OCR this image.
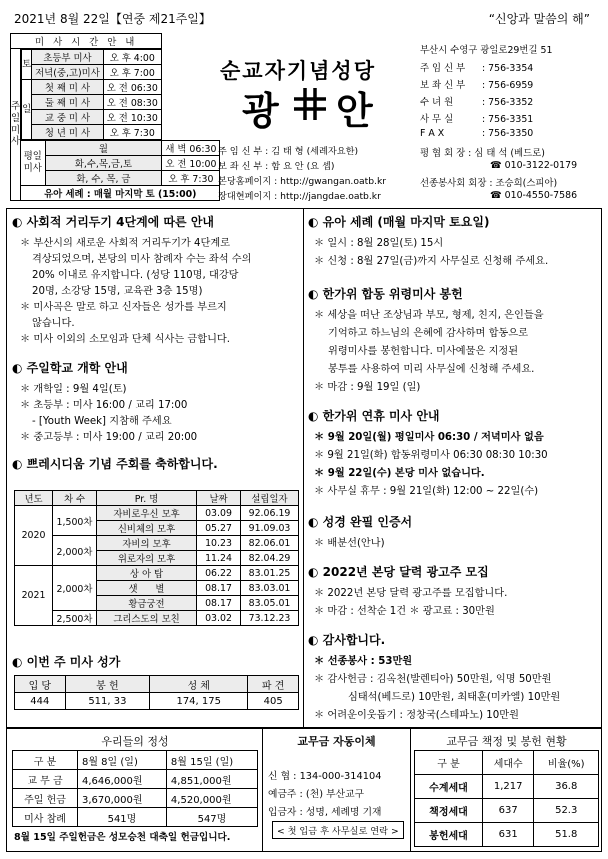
2021년 8월 22일【연중 제21주일】	“신앙과 말씀의 해”
미 사 시 간 안 내
주일미사	
토	초등부 미사	오 후 4:00
저녁(중,고)미사	오 후 7:00
일	첫 째 미 사	오 전 06:30
둘 째 미 사	오 전 08:30
교 중 미 사	오 전 10:30
청 년 미 사	오 후 7:30

평일미사	월	새 벽 06:30
화,수,목,금,토	오 전 10:00
화, 수, 목, 금	오 후 7:30
유아 세례 : 매월 마지막 토 (15:00)
순교자기념성당
광 안
주 임 신 부 : 김 태 형 (세례자요한)
보 좌 신 부 : 함 요 안 (요 셉)
본당홈페이지 : http://gwangan.oatb.kr
장대현페이지 : http://jangdae.oatb.kr
부산시 수영구 광일로29번길 51
주 임 신 부 : 756-3354
보 좌 신 부 : 756-6959
수 녀 원	: 756-3352
사 무 실	: 756-3351
F A X	: 756-3350
평 협 회 장 : 심 태 석 (베드로)
☎ 010-3122-0179
선종봉사회 회장 : 조승희(스피아)
☎ 010-4550-7586
◐ 사회적 거리두기 4단계에 따른 안내
＊ 부산시의 새로운 사회적 거리두기가 4단계로
격상되었으며, 본당의 미사 참례자 수는 좌석 수의
20% 이내로 유지합니다. (성당 110명, 대강당
20명, 소강당 15명, 교육관 3층 15명)
＊ 미사곡은 말로 하고 신자들은 성가를 부르지
않습니다.
＊ 미사 이외의 소모임과 단체 식사는 금합니다.
◐ 주일학교 개학 안내
＊ 개학일 : 9월 4일(토)
＊ 초등부 : 미사 16:00 / 교리 17:00
- [Youth Week] 지참해 주세요
＊ 중고등부 : 미사 19:00 / 교리 20:00
◐ 쁘레시디움 기념 주회를 축하합니다.
◐ 이번 주 미사 성가
년도	차 수	Pr. 명	날짜	설립일자
2020	1,500차	자비로우신 모후	03.09	92.06.19
		신비체의 모후	05.27	91.09.03
	2,000차	자비의 모후	10.23	82.06.01
		위로자의 모후	11.24	82.04.29
2021	2,000차	상 아 탑	06.22	83.01.25
		샛      별	08.17	83.03.01
		황금궁전	08.17	83.05.01
	2,500차	그리스도의 모친	03.02	73.12.23
입 당	봉 헌	성 체	파 견
444	511, 33	174, 175	405
◐ 유아 세례 (매월 마지막 토요일)
＊ 일시 : 8월 28일(토) 15시
＊ 신청 : 8월 27일(금)까지 사무실로 신청해 주세요.
◐ 한가위 합동 위령미사 봉헌
＊ 세상을 떠난 조상님과 부모, 형제, 친지, 은인들을
기억하고 하느님의 은혜에 감사하며 합동으로
위령미사를 봉헌합니다. 미사예물은 지정된
봉투를 사용하여 미리 사무실에 신청해 주세요.
＊ 마감 : 9월 19일 (일)
◐ 한가위 연휴 미사 안내
＊ 9월 20일(월) 평일미사 06:30 / 저녁미사 없음
＊ 9월 21일(화) 합동위령미사 06:30 08:30 10:30
＊ 9월 22일(수) 본당 미사 없습니다.
＊ 사무실 휴무 : 9월 21일(화) 12:00 ~ 22일(수)
◐ 성경 완필 인증서
＊ 배분선(안나)
◐ 2022년 본당 달력 광고주 모집
＊ 2022년 본당 달력 광고주를 모집합니다.
＊ 마감 : 선착순 1건 ＊ 광고료 : 30만원
◐ 감사합니다.
＊ 선종봉사 : 53만원
＊ 감사헌금 : 김옥천(발렌티아) 50만원, 익명 50만원
심태석(베드로) 10만원, 최태훈(미카엘) 10만원
＊ 어려운이웃돕기 : 정창국(스테파노) 10만원
우리들의 정성
구 분	8월 8일 (일)	8월 15일 (일)
교 무 금	4,646,000원	4,851,000원
주일 헌금	3,670,000원	4,520,000원
미사 참례	541명	547명
8월 15일 주일헌금은 성모승천 대축일 헌금입니다.
교무금 자동이체
신 협 : 134-000-314104
예금주 : (천) 부산교구
입금자 : 성명, 세례명 기재
< 첫 입금 후 사무실로 연락 >
교무금 책정 및 봉헌 현황
구 분	세대수	비율(%)
수계세대	1,217	36.8
책정세대	637	52.3
봉헌세대	631	51.8
